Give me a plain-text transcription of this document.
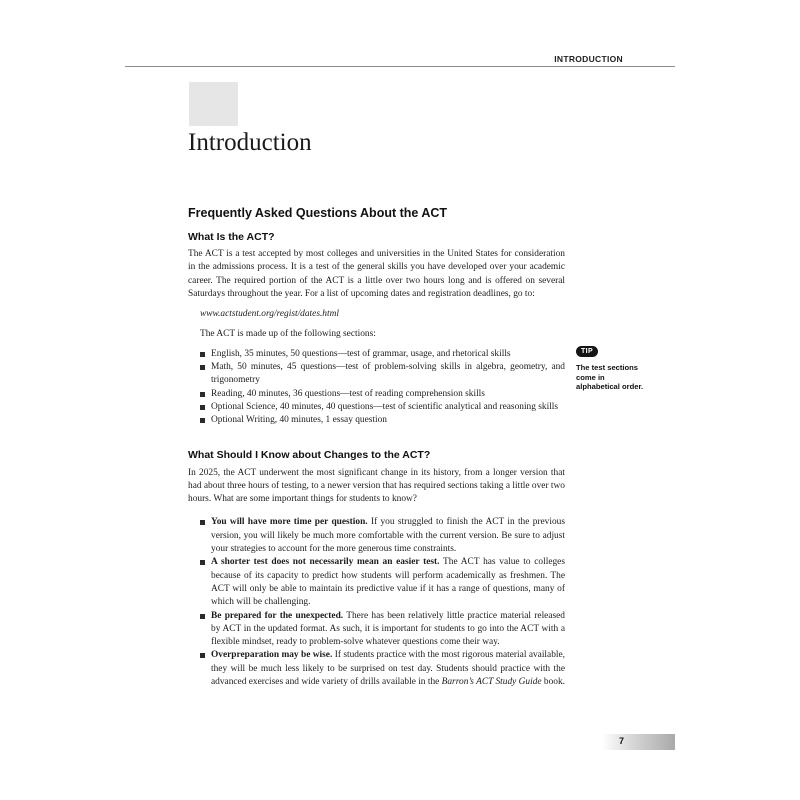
INTRODUCTION
Introduction
Frequently Asked Questions About the ACT
What Is the ACT?

The ACT is a test accepted by most colleges and universities in the United States for consideration in the admissions process. It is a test of the general skills you have developed over your academic career. The required portion of the ACT is a little over two hours long and is offered on several Saturdays throughout the year. For a list of upcoming dates and registration deadlines, go to:

www.actstudent.org/regist/dates.html

The ACT is made up of the following sections:

English, 35 minutes, 50 questions—test of grammar, usage, and rhetorical skills
Math, 50 minutes, 45 questions—test of problem-solving skills in algebra, geometry, and trigonometry
Reading, 40 minutes, 36 questions—test of reading comprehension skills
Optional Science, 40 minutes, 40 questions—test of scientific analytical and reasoning skills
Optional Writing, 40 minutes, 1 essay question
What Should I Know about Changes to the ACT?

In 2025, the ACT underwent the most significant change in its history, from a longer version that had about three hours of testing, to a newer version that has required sections taking a little over two hours. What are some important things for students to know?

You will have more time per question. If you struggled to finish the ACT in the previous version, you will likely be much more comfortable with the current version. Be sure to adjust your strategies to account for the more generous time constraints.
A shorter test does not necessarily mean an easier test. The ACT has value to colleges because of its capacity to predict how students will perform academically as freshmen. The ACT will only be able to maintain its predictive value if it has a range of questions, many of which will be challenging.
Be prepared for the unexpected. There has been relatively little practice material released by ACT in the updated format. As such, it is important for students to go into the ACT with a flexible mindset, ready to problem-solve whatever questions come their way.
Overpreparation may be wise. If students practice with the most rigorous material available, they will be much less likely to be surprised on test day. Students should practice with the advanced exercises and wide variety of drills available in the Barron’s ACT Study Guide book.
TIP

The test sections come in alphabetical order.

7
